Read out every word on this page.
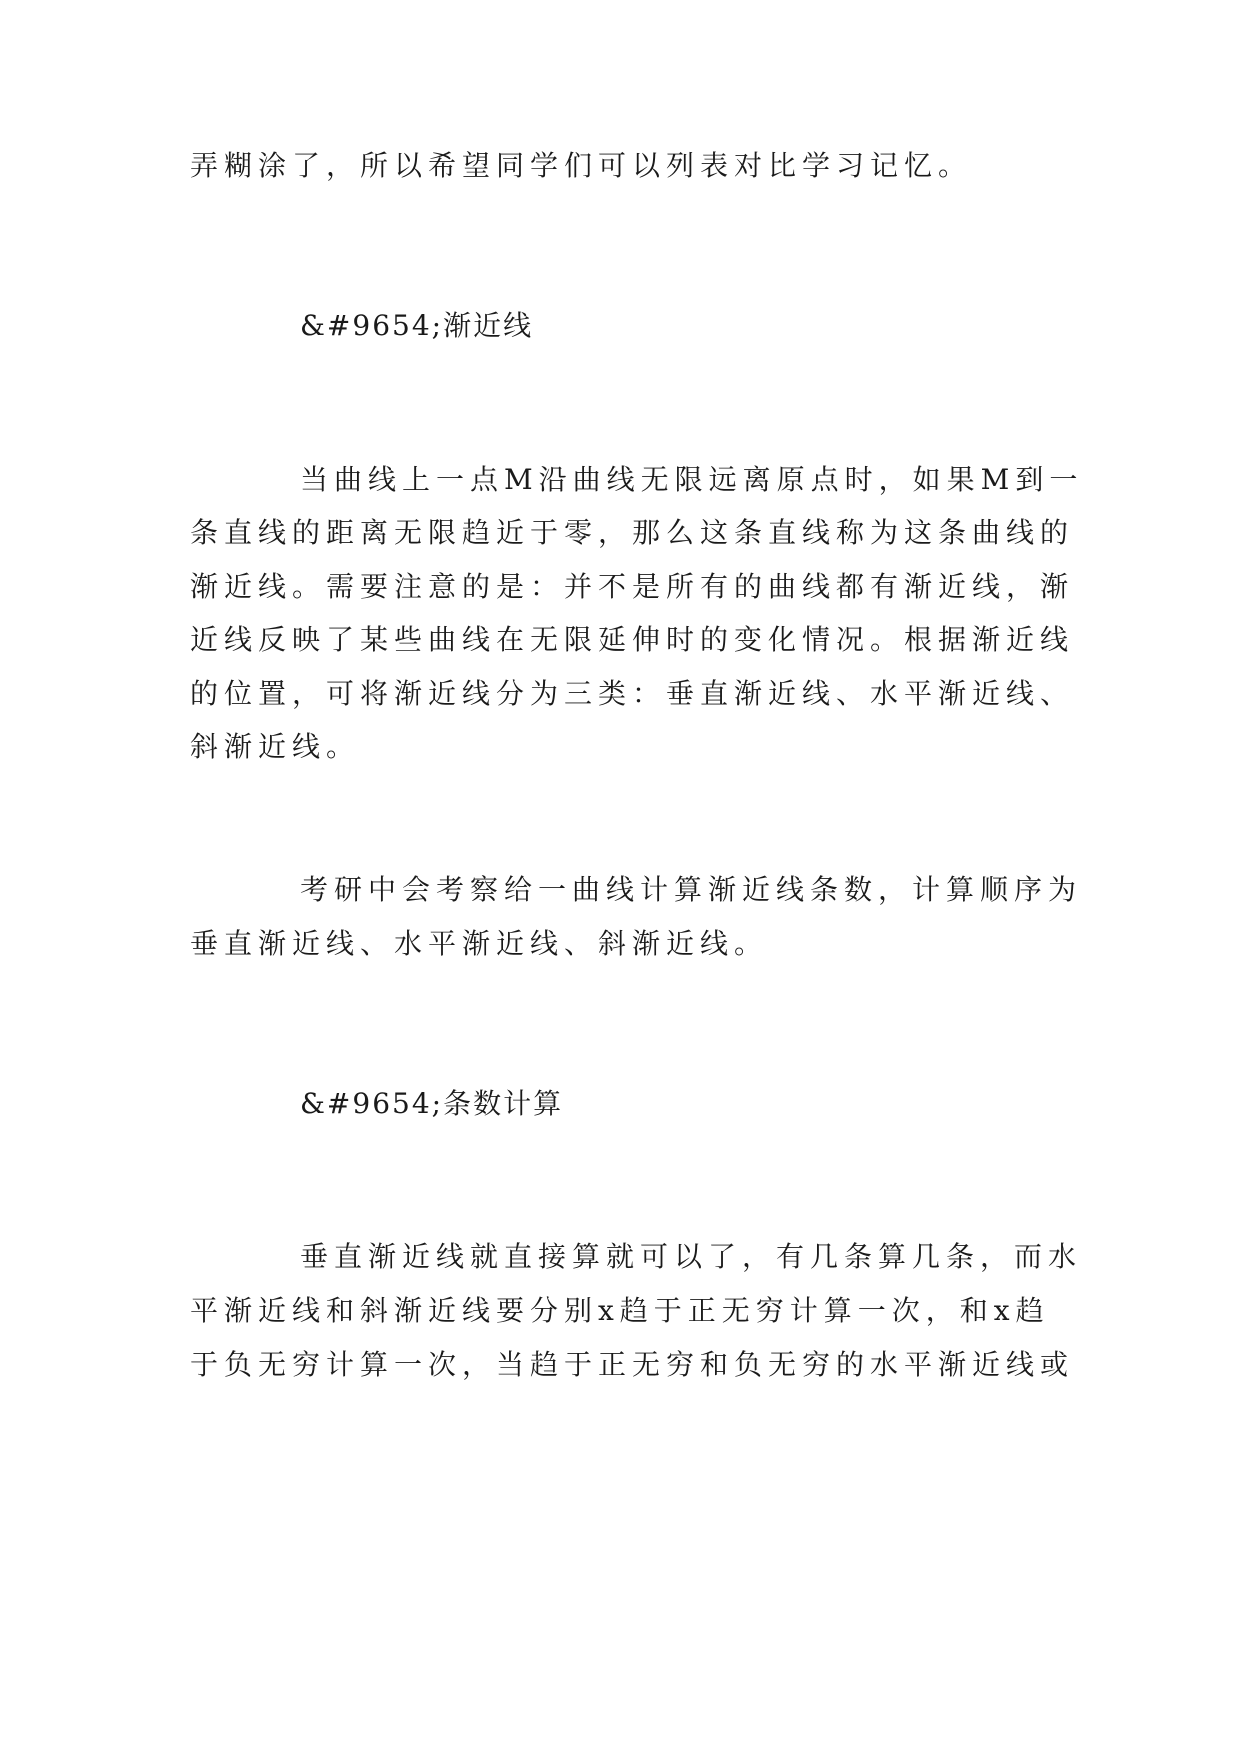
弄糊涂了，所以希望同学们可以列表对比学习记忆。
&#9654;渐近线
当曲线上一点M沿曲线无限远离原点时，如果M到一
条直线的距离无限趋近于零，那么这条直线称为这条曲线的
渐近线。需要注意的是：并不是所有的曲线都有渐近线，渐
近线反映了某些曲线在无限延伸时的变化情况。根据渐近线
的位置，可将渐近线分为三类：垂直渐近线、水平渐近线、
斜渐近线。
考研中会考察给一曲线计算渐近线条数，计算顺序为
垂直渐近线、水平渐近线、斜渐近线。
&#9654;条数计算
垂直渐近线就直接算就可以了，有几条算几条，而水
平渐近线和斜渐近线要分别x趋于正无穷计算一次，和x趋
于负无穷计算一次，当趋于正无穷和负无穷的水平渐近线或
